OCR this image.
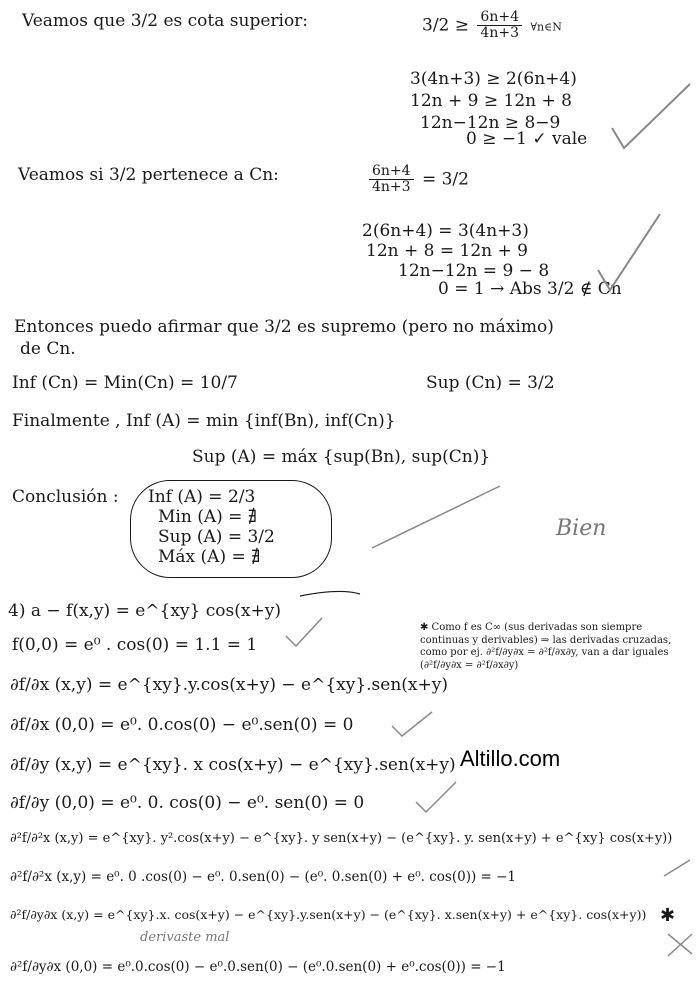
Veamos que 3/2 es cota superior:	$3/2 \ge \frac{6n+4}{4n+3}$ ∀n∈N
3(4n+3) ≥ 2(6n+4)
12n + 9 ≥ 12n + 8
12n−12n ≥ 8−9
0 ≥ −1 ✓ vale
Veamos si 3/2 pertenece a Cn:	$\frac{6n+4}{4n+3} = 3/2$
2(6n+4) = 3(4n+3)
12n + 8 = 12n + 9
12n−12n = 9 − 8
0 = 1 → Abs 3/2 ∉ Cn
Entonces puedo afirmar que 3/2 es supremo (pero no máximo)
de Cn.
Inf (Cn) = Min(Cn) = 10/7	Sup (Cn) = 3/2
Finalmente , Inf (A) = min {inf(Bn), inf(Cn)}
Sup (A) = máx {sup(Bn), sup(Cn)}
Conclusión : Inf (A) = 2/3
Min (A) = ∄
Sup (A) = 3/2
Máx (A) = ∄
Bien
4) a − f(x,y) = e^{xy} cos(x+y)
f(0,0) = e⁰ . cos(0) = 1.1 = 1
∂f/∂x (x,y) = e^{xy}.y.cos(x+y) − e^{xy}.sen(x+y)
∂f/∂x (0,0) = e⁰. 0.cos(0) − e⁰.sen(0) = 0
∂f/∂y (x,y) = e^{xy}. x cos(x+y) − e^{xy}.sen(x+y)
∂f/∂y (0,0) = e⁰. 0. cos(0) − e⁰. sen(0) = 0
∂²f/∂²x (x,y) = e^{xy}. y².cos(x+y) − e^{xy}. y sen(x+y) − (e^{xy}. y. sen(x+y) + e^{xy} cos(x+y))
∂²f/∂²x (x,y) = e⁰. 0 .cos(0) − e⁰. 0.sen(0) − (e⁰. 0.sen(0) + e⁰. cos(0)) = −1
∂²f/∂y∂x (x,y) = e^{xy}.x. cos(x+y) − e^{xy}.y.sen(x+y) − (e^{xy}. x.sen(x+y) + e^{xy}. cos(x+y))
derivaste mal
∂²f/∂y∂x (0,0) = e⁰.0.cos(0) − e⁰.0.sen(0) − (e⁰.0.sen(0) + e⁰.cos(0)) = −1
✱ Como f es C∞ (sus derivadas son siempre continuas y derivables) ⇒ las derivadas cruzadas, como por ej. ∂²f/∂y∂x = ∂²f/∂x∂y, van a dar iguales (∂²f/∂y∂x = ∂²f/∂x∂y)
✱
Altillo.com
